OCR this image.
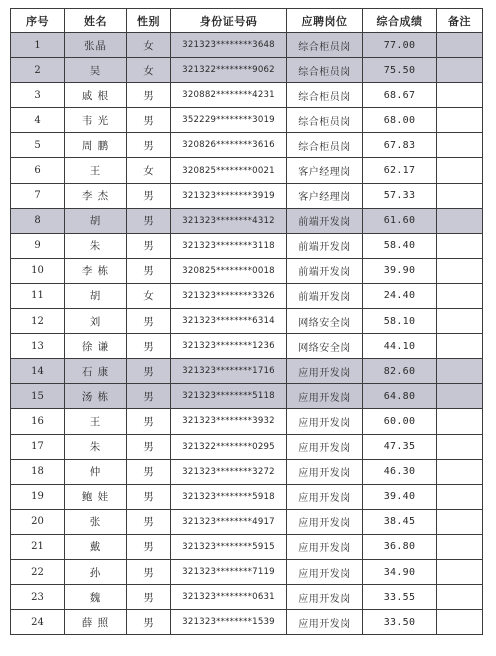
序号	姓名	性别	身份证号码	应聘岗位	综合成绩	备注
1	张晶	女	321323********3648	综合柜员岗	77.00	
2	吴	女	321322********9062	综合柜员岗	75.50	
3	戚 根	男	320882********4231	综合柜员岗	68.67	
4	韦 光	男	352229********3019	综合柜员岗	68.00	
5	周 鹏	男	320826********3616	综合柜员岗	67.83	
6	王	女	320825********0021	客户经理岗	62.17	
7	李 杰	男	321323********3919	客户经理岗	57.33	
8	胡	男	321323********4312	前端开发岗	61.60	
9	朱	男	321323********3118	前端开发岗	58.40	
10	李 栋	男	320825********0018	前端开发岗	39.90	
11	胡	女	321323********3326	前端开发岗	24.40	
12	刘	男	321323********6314	网络安全岗	58.10	
13	徐 谦	男	321323********1236	网络安全岗	44.10	
14	石 康	男	321323********1716	应用开发岗	82.60	
15	汤 栋	男	321323********5118	应用开发岗	64.80	
16	王	男	321323********3932	应用开发岗	60.00	
17	朱	男	321322********0295	应用开发岗	47.35	
18	仲	男	321323********3272	应用开发岗	46.30	
19	鲍 娃	男	321323********5918	应用开发岗	39.40	
20	张	男	321323********4917	应用开发岗	38.45	
21	戴	男	321323********5915	应用开发岗	36.80	
22	孙	男	321323********7119	应用开发岗	34.90	
23	魏	男	321323********0631	应用开发岗	33.55	
24	薛 照	男	321323********1539	应用开发岗	33.50	
